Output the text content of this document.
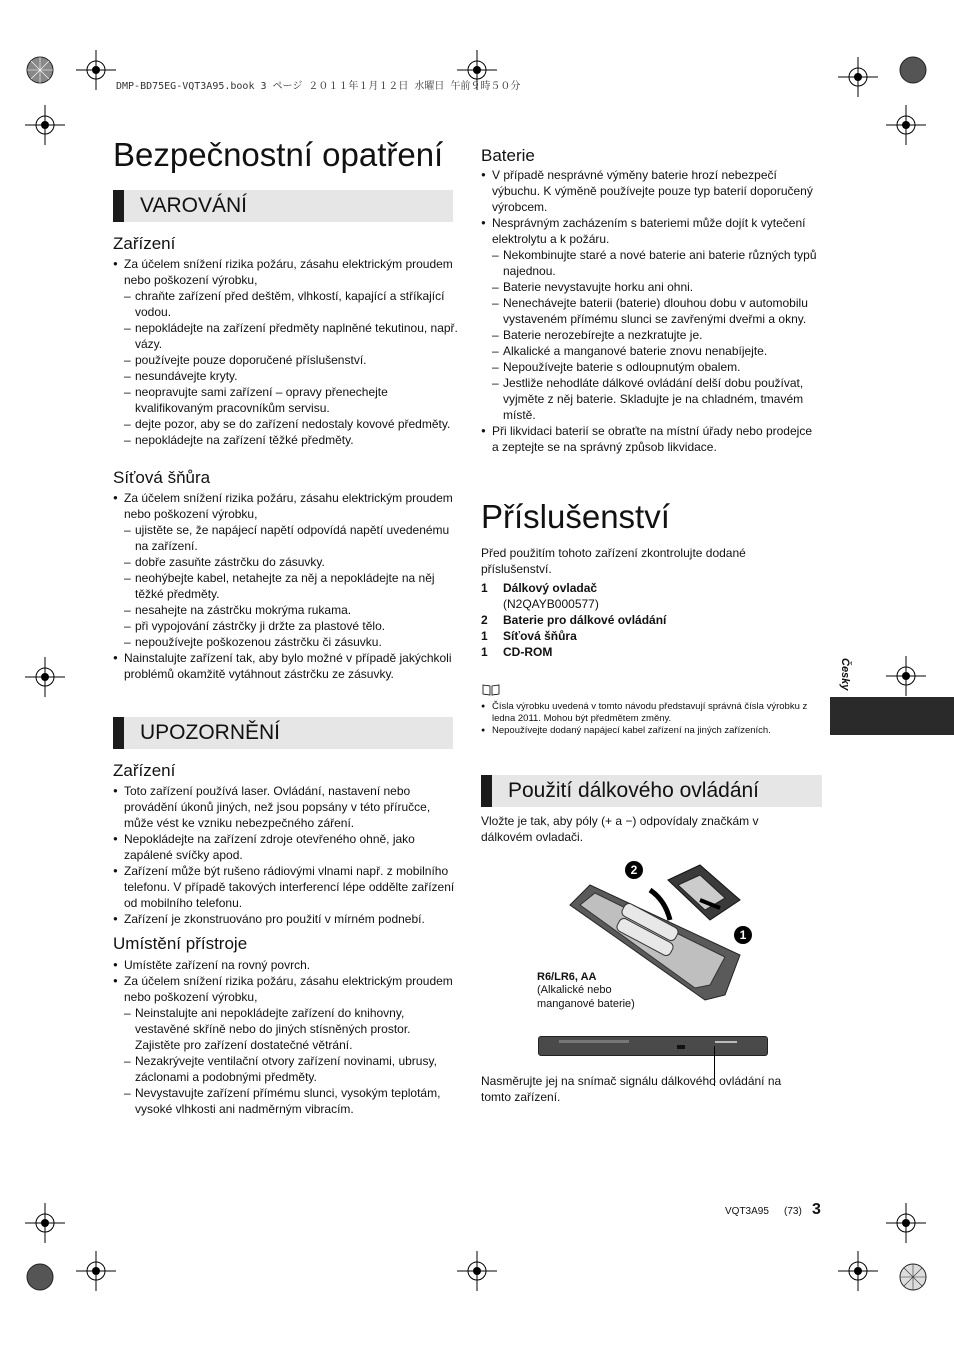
DMP-BD75EG-VQT3A95.book 3 ページ ２０１１年１月１２日 水曜日 午前９時５０分
Bezpečnostní opatření
VAROVÁNÍ
Zařízení
● Za účelem snížení rizika požáru, zásahu elektrickým proudem nebo poškození výrobku,
– chraňte zařízení před deštěm, vlhkostí, kapající a stříkající vodou.
– nepokládejte na zařízení předměty naplněné tekutinou, např. vázy.
– používejte pouze doporučené příslušenství.
– nesundávejte kryty.
– neopravujte sami zařízení – opravy přenechejte kvalifikovaným pracovníkům servisu.
– dejte pozor, aby se do zařízení nedostaly kovové předměty.
– nepokládejte na zařízení těžké předměty.
Síťová šňůra
● Za účelem snížení rizika požáru, zásahu elektrickým proudem nebo poškození výrobku,
– ujistěte se, že napájecí napětí odpovídá napětí uvedenému na zařízení.
– dobře zasuňte zástrčku do zásuvky.
– neohýbejte kabel, netahejte za něj a nepokládejte na něj těžké předměty.
– nesahejte na zástrčku mokrýma rukama.
– při vypojování zástrčky ji držte za plastové tělo.
– nepoužívejte poškozenou zástrčku či zásuvku.
● Nainstalujte zařízení tak, aby bylo možné v případě jakýchkoli problémů okamžitě vytáhnout zástrčku ze zásuvky.
UPOZORNĚNÍ
Zařízení
● Toto zařízení používá laser. Ovládání, nastavení nebo provádění úkonů jiných, než jsou popsány v této příručce, může vést ke vzniku nebezpečného záření.
● Nepokládejte na zařízení zdroje otevřeného ohně, jako zapálené svíčky apod.
● Zařízení může být rušeno rádiovými vlnami např. z mobilního telefonu. V případě takových interferencí lépe oddělte zařízení od mobilního telefonu.
● Zařízení je zkonstruováno pro použití v mírném podnebí.
Umístění přístroje
● Umístěte zařízení na rovný povrch.
● Za účelem snížení rizika požáru, zásahu elektrickým proudem nebo poškození výrobku,
– Neinstalujte ani nepokládejte zařízení do knihovny, vestavěné skříně nebo do jiných stísněných prostor. Zajistěte pro zařízení dostatečné větrání.
– Nezakrývejte ventilační otvory zařízení novinami, ubrusy, záclonami a podobnými předměty.
– Nevystavujte zařízení přímému slunci, vysokým teplotám, vysoké vlhkosti ani nadměrným vibracím.
Baterie
● V případě nesprávné výměny baterie hrozí nebezpečí výbuchu. K výměně používejte pouze typ baterií doporučený výrobcem.
● Nesprávným zacházením s bateriemi může dojít k vytečení elektrolytu a k požáru.
– Nekombinujte staré a nové baterie ani baterie různých typů najednou.
– Baterie nevystavujte horku ani ohni.
– Nenechávejte baterii (baterie) dlouhou dobu v automobilu vystaveném přímému slunci se zavřenými dveřmi a okny.
– Baterie nerozebírejte a nezkratujte je.
– Alkalické a manganové baterie znovu nenabíjejte.
– Nepoužívejte baterie s odloupnutým obalem.
– Jestliže nehodláte dálkové ovládání delší dobu používat, vyjměte z něj baterie. Skladujte je na chladném, tmavém místě.
● Při likvidaci baterií se obraťte na místní úřady nebo prodejce a zeptejte se na správný způsob likvidace.
Příslušenství
Před použitím tohoto zařízení zkontrolujte dodané příslušenství.
1	Dálkový ovladač
(N2QAYB000577)

2	Baterie pro dálkové ovládání

1	Síťová šňůra

1	CD-ROM
● Čísla výrobku uvedená v tomto návodu představují správná čísla výrobku z ledna 2011. Mohou být předmětem změny.
● Nepoužívejte dodaný napájecí kabel zařízení na jiných zařízeních.
Česky
Použití dálkového ovládání
Vložte je tak, aby póly (+ a −) odpovídaly značkám v dálkovém ovladači.
2
1
R6/LR6, AA
(Alkalické nebo manganové baterie)
Nasměrujte jej na snímač signálu dálkového ovládání na tomto zařízení.
VQT3A95 (73) 3
